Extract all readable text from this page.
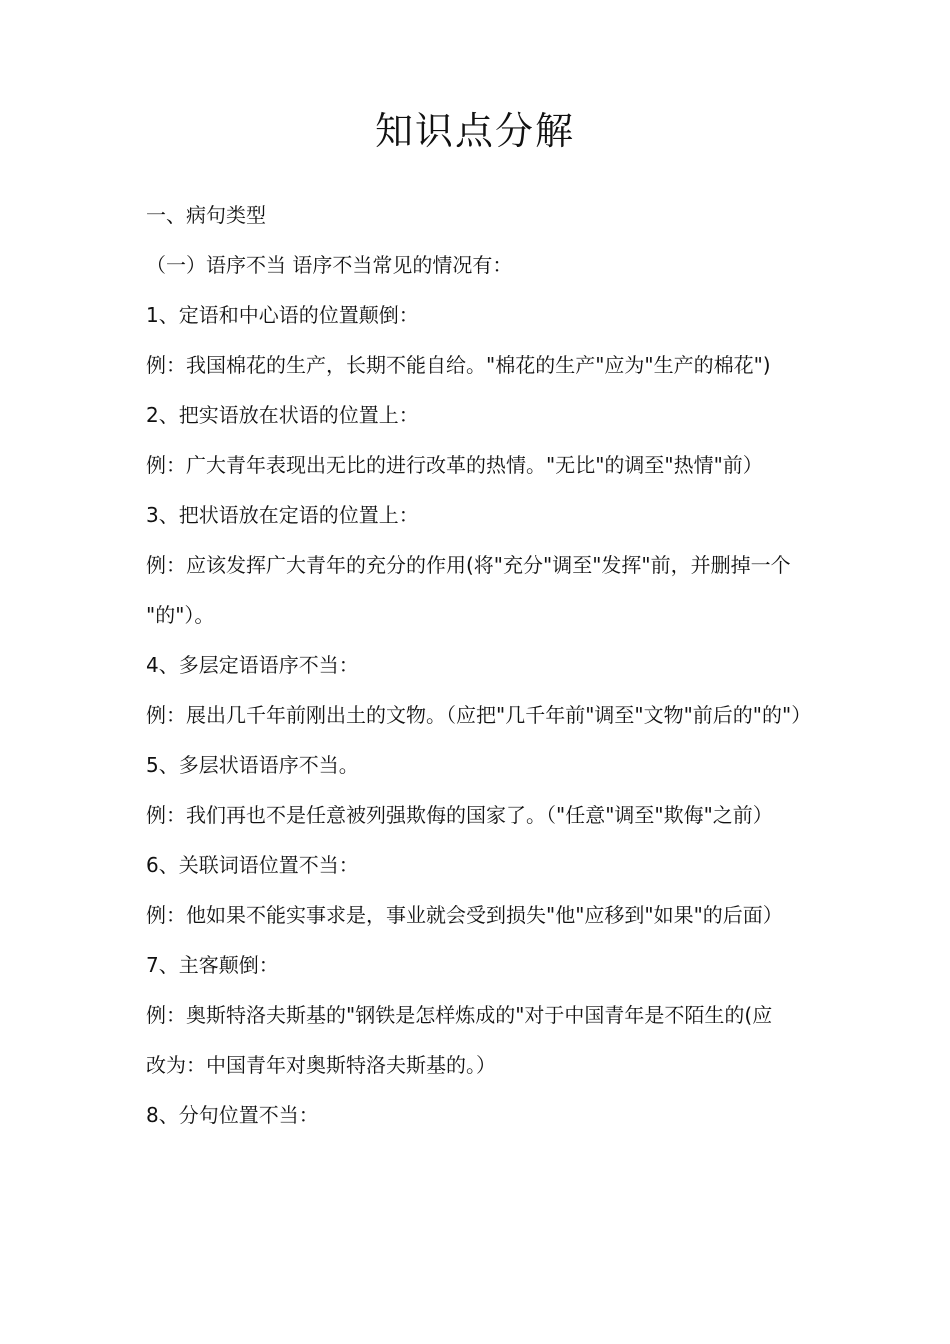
知识点分解

一、病句类型

（一）语序不当 语序不当常见的情况有：

1、定语和中心语的位置颠倒：

例：我国棉花的生产，长期不能自给。"棉花的生产"应为"生产的棉花")

2、把实语放在状语的位置上：

例：广大青年表现出无比的进行改革的热情。"无比"的调至"热情"前）

3、把状语放在定语的位置上：

例：应该发挥广大青年的充分的作用(将"充分"调至"发挥"前，并删掉一个

"的"）。

4、多层定语语序不当：

例：展出几千年前刚出土的文物。（应把"几千年前"调至"文物"前后的"的"）

5、多层状语语序不当。

例：我们再也不是任意被列强欺侮的国家了。（"任意"调至"欺侮"之前）

6、关联词语位置不当：

例：他如果不能实事求是，事业就会受到损失"他"应移到"如果"的后面）

7、主客颠倒：

例：奥斯特洛夫斯基的"钢铁是怎样炼成的"对于中国青年是不陌生的(应

改为：中国青年对奥斯特洛夫斯基的。）

8、分句位置不当：
